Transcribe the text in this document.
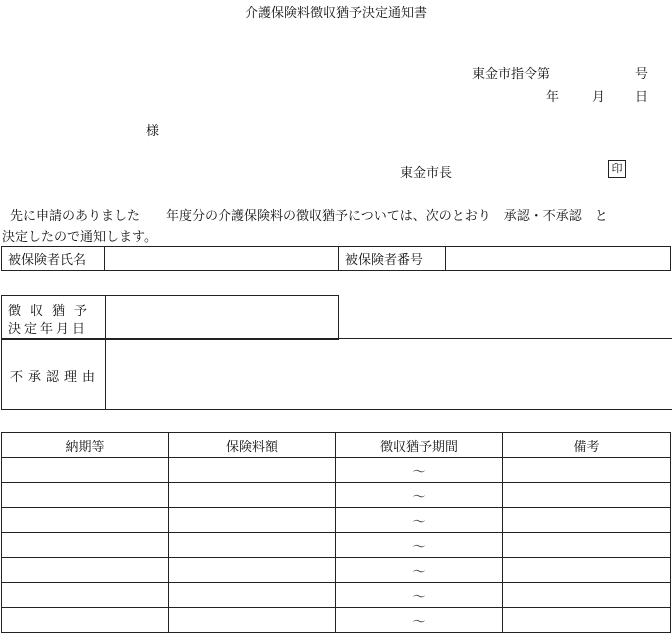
介護保険料徴収猶予決定通知書
東金市指令第	号
年	月 日
様
東金市長	印
先に申請のありました　　年度分の介護保険料の徴収猶予については、次のとおり　承認・不承認　と
決定したので通知します。
被保険者氏名		被保険者番号	
徴収猶予
決定年月日
不承認理由
納期等	保険料額	徴収猶予期間	備考
		～	
		～	
		～	
		～	
		～	
		～	
		～	
